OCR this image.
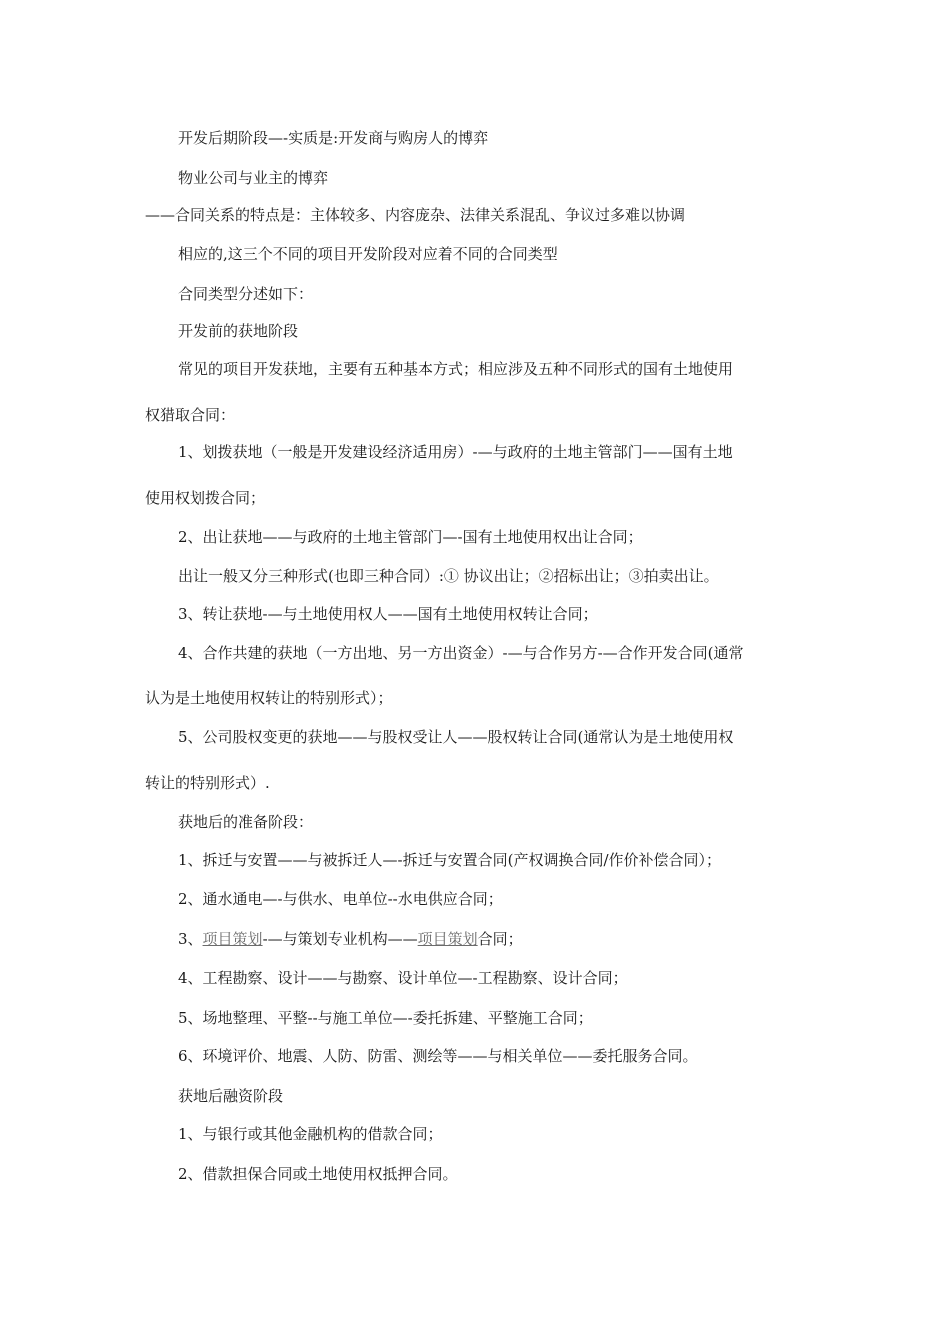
开发后期阶段—-实质是:开发商与购房人的博弈
物业公司与业主的博弈
——合同关系的特点是：主体较多、内容庞杂、法律关系混乱、争议过多难以协调
相应的,这三个不同的项目开发阶段对应着不同的合同类型
合同类型分述如下：
开发前的获地阶段
常见的项目开发获地，主要有五种基本方式；相应涉及五种不同形式的国有土地使用
权猎取合同：
1、划拨获地（一般是开发建设经济适用房）-—与政府的土地主管部门——国有土地
使用权划拨合同；
2、出让获地——与政府的土地主管部门—-国有土地使用权出让合同；
出让一般又分三种形式(也即三种合同）:① 协议出让；②招标出让；③拍卖出让。
3、转让获地-—与土地使用权人——国有土地使用权转让合同；
4、合作共建的获地（一方出地、另一方出资金）-—与合作另方-—合作开发合同(通常
认为是土地使用权转让的特别形式）；
5、公司股权变更的获地——与股权受让人——股权转让合同(通常认为是土地使用权
转让的特别形式）.
获地后的准备阶段：
1、拆迁与安置——与被拆迁人—-拆迁与安置合同(产权调换合同/作价补偿合同）；
2、通水通电—-与供水、电单位--水电供应合同；
3、项目策划-—与策划专业机构——项目策划合同；
4、工程勘察、设计——与勘察、设计单位—-工程勘察、设计合同；
5、场地整理、平整--与施工单位—-委托拆建、平整施工合同；
6、环境评价、地震、人防、防雷、测绘等——与相关单位——委托服务合同。
获地后融资阶段
1、与银行或其他金融机构的借款合同；
2、借款担保合同或土地使用权抵押合同。
